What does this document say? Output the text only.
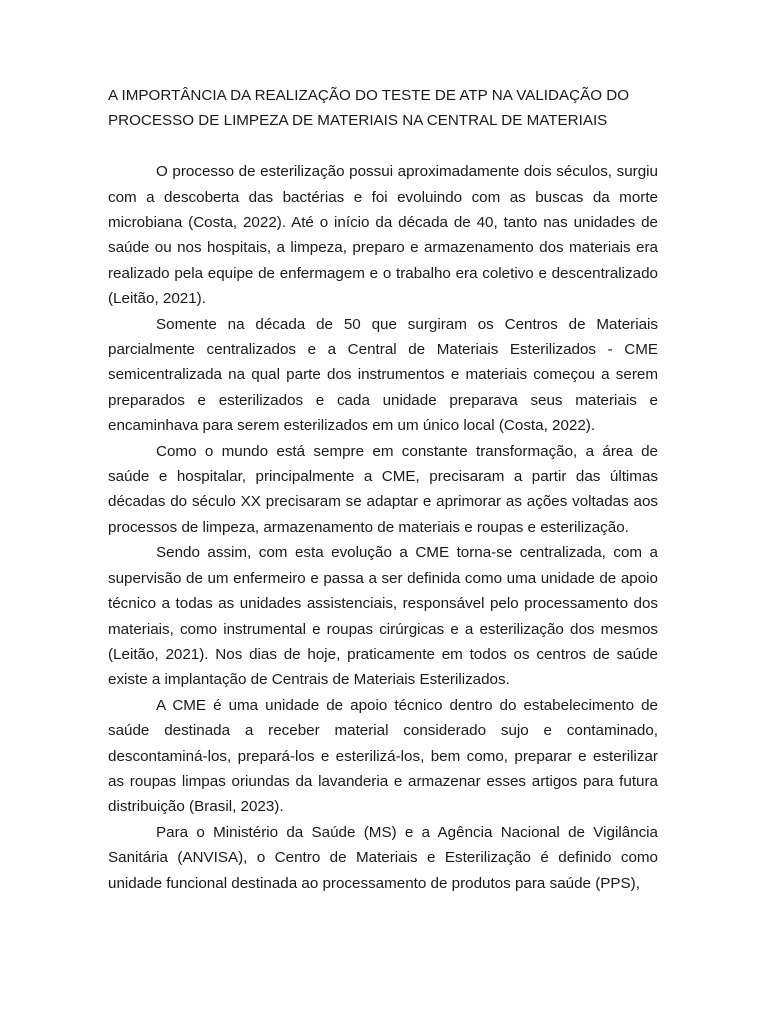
A IMPORTÂNCIA DA REALIZAÇÃO DO TESTE DE ATP NA VALIDAÇÃO DO PROCESSO DE LIMPEZA DE MATERIAIS NA CENTRAL DE MATERIAIS

O processo de esterilização possui aproximadamente dois séculos, surgiu com a descoberta das bactérias e foi evoluindo com as buscas da morte microbiana (Costa, 2022). Até o início da década de 40, tanto nas unidades de saúde ou nos hospitais, a limpeza, preparo e armazenamento dos materiais era realizado pela equipe de enfermagem e o trabalho era coletivo e descentralizado (Leitão, 2021).

Somente na década de 50 que surgiram os Centros de Materiais parcialmente centralizados e a Central de Materiais Esterilizados - CME semicentralizada na qual parte dos instrumentos e materiais começou a serem preparados e esterilizados e cada unidade preparava seus materiais e encaminhava para serem esterilizados em um único local (Costa, 2022).

Como o mundo está sempre em constante transformação, a área de saúde e hospitalar, principalmente a CME, precisaram a partir das últimas décadas do século XX precisaram se adaptar e aprimorar as ações voltadas aos processos de limpeza, armazenamento de materiais e roupas e esterilização.

Sendo assim, com esta evolução a CME torna-se centralizada, com a supervisão de um enfermeiro e passa a ser definida como uma unidade de apoio técnico a todas as unidades assistenciais, responsável pelo processamento dos materiais, como instrumental e roupas cirúrgicas e a esterilização dos mesmos (Leitão, 2021). Nos dias de hoje, praticamente em todos os centros de saúde existe a implantação de Centrais de Materiais Esterilizados.

A CME é uma unidade de apoio técnico dentro do estabelecimento de saúde destinada a receber material considerado sujo e contaminado, descontaminá-los, prepará-los e esterilizá-los, bem como, preparar e esterilizar as roupas limpas oriundas da lavanderia e armazenar esses artigos para futura distribuição (Brasil, 2023).

Para o Ministério da Saúde (MS) e a Agência Nacional de Vigilância Sanitária (ANVISA), o Centro de Materiais e Esterilização é definido como unidade funcional destinada ao processamento de produtos para saúde (PPS),
